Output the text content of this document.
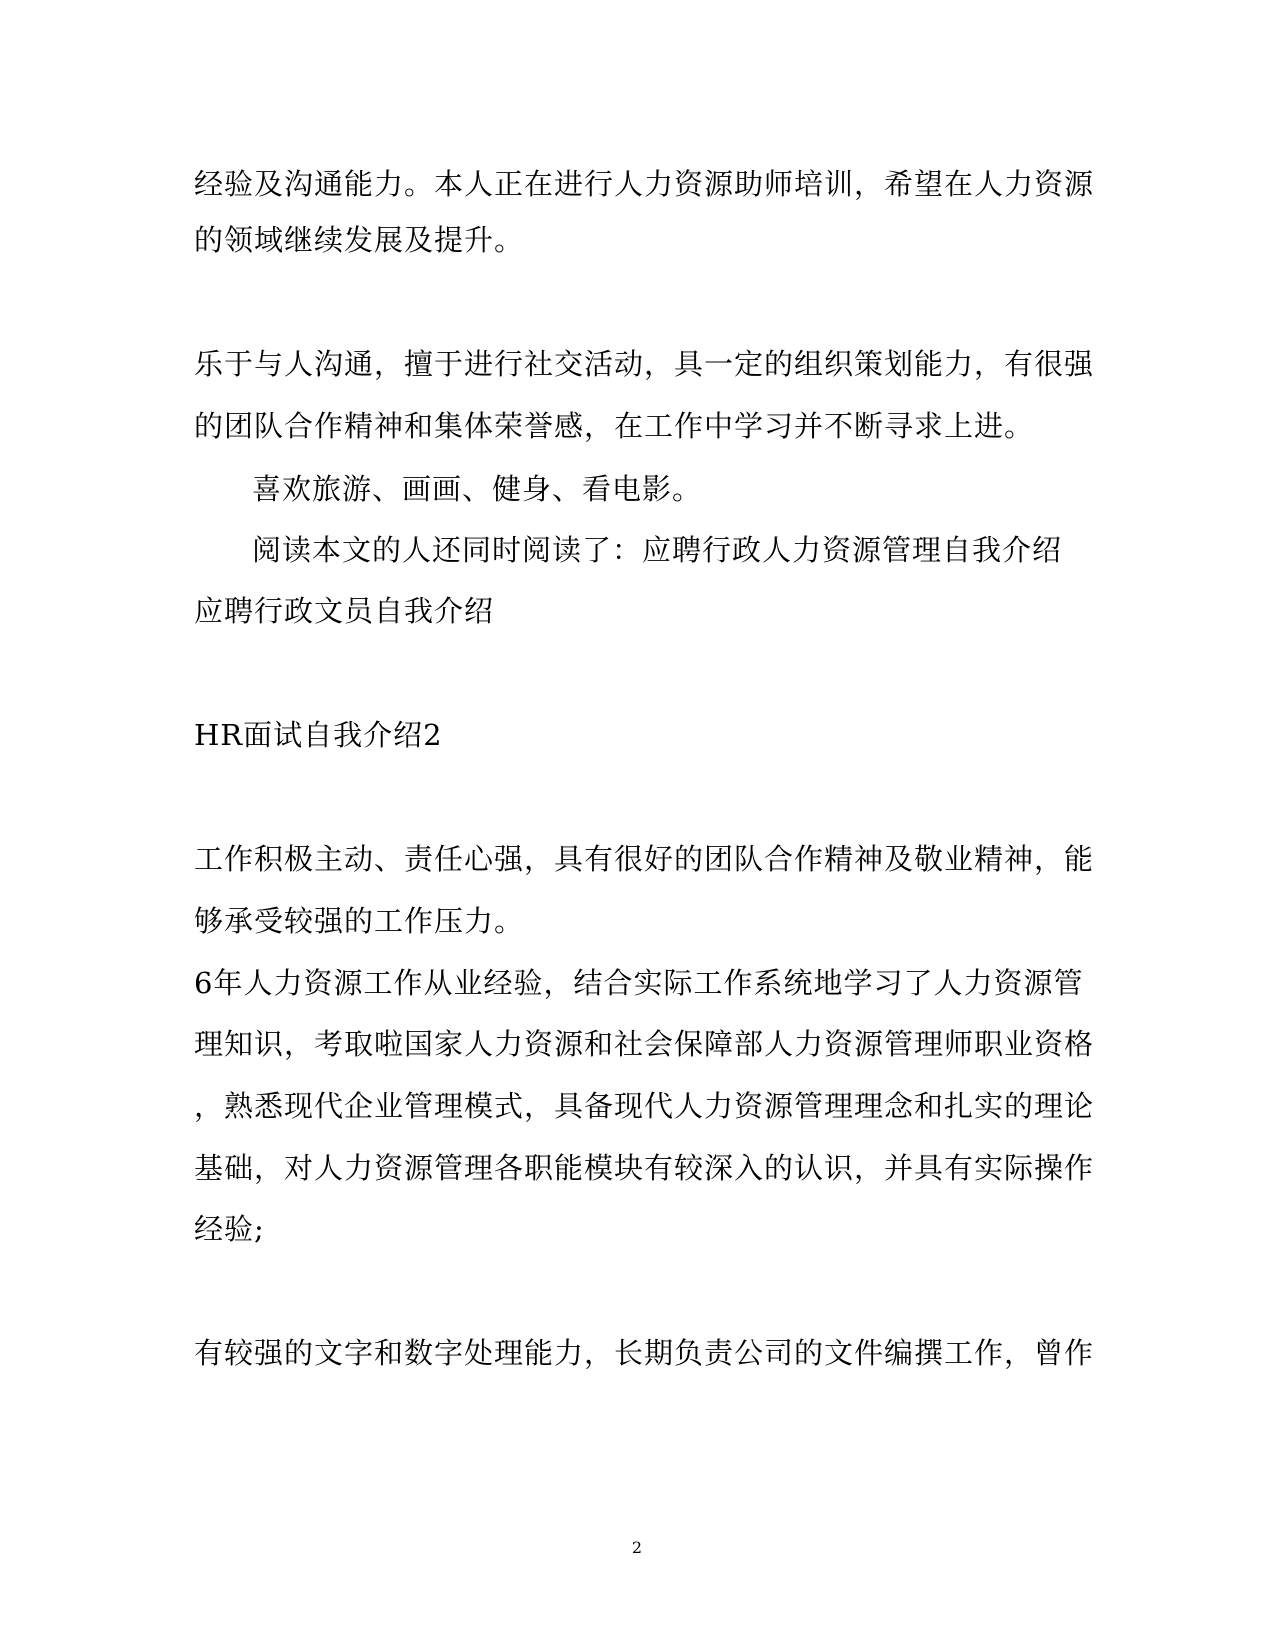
经验及沟通能力。本人正在进行人力资源助师培训，希望在人力资源
的领域继续发展及提升。
乐于与人沟通，擅于进行社交活动，具一定的组织策划能力，有很强
的团队合作精神和集体荣誉感，在工作中学习并不断寻求上进。
喜欢旅游、画画、健身、看电影。
阅读本文的人还同时阅读了：应聘行政人力资源管理自我介绍
应聘行政文员自我介绍
HR面试自我介绍2
工作积极主动、责任心强，具有很好的团队合作精神及敬业精神，能
够承受较强的工作压力。
6年人力资源工作从业经验，结合实际工作系统地学习了人力资源管
理知识，考取啦国家人力资源和社会保障部人力资源管理师职业资格
，熟悉现代企业管理模式，具备现代人力资源管理理念和扎实的理论
基础，对人力资源管理各职能模块有较深入的认识，并具有实际操作
经验;
有较强的文字和数字处理能力，长期负责公司的文件编撰工作，曾作
2
